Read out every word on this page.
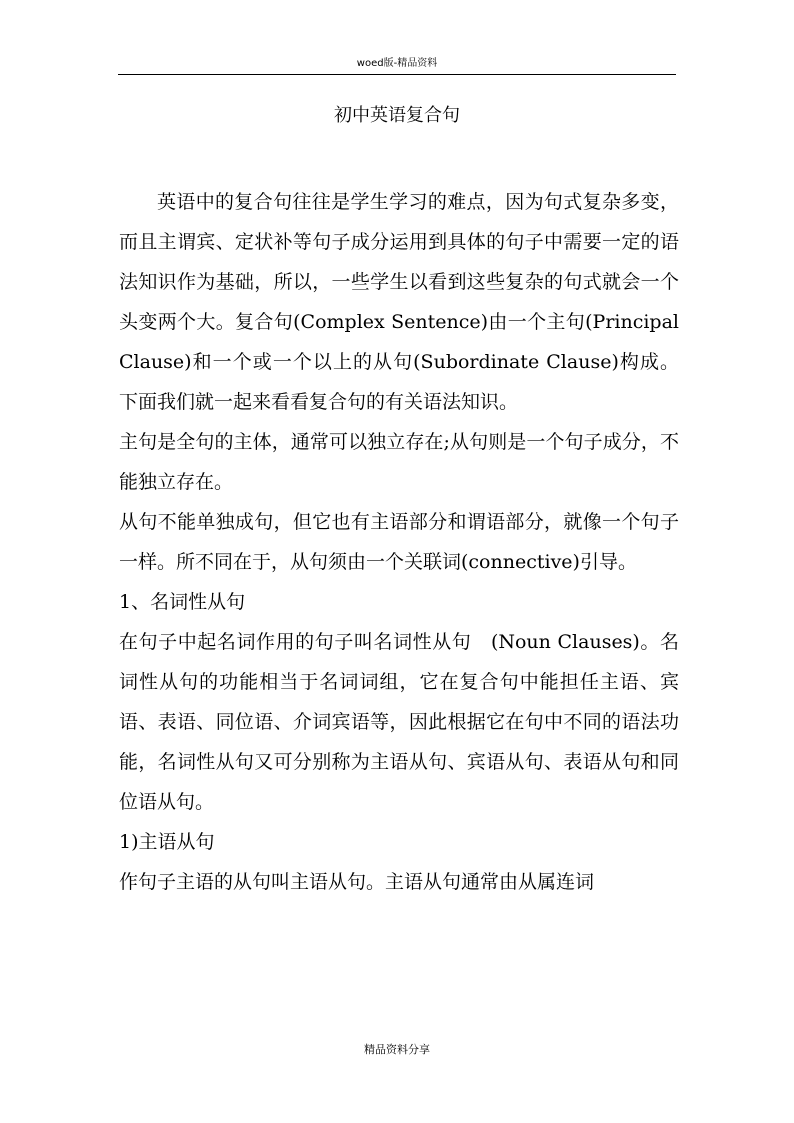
woed版-精品资料
初中英语复合句

英语中的复合句往往是学生学习的难点，因为句式复杂多变，而且主谓宾、定状补等句子成分运用到具体的句子中需要一定的语法知识作为基础，所以，一些学生以看到这些复杂的句式就会一个头变两个大。复合句(Complex Sentence)由一个主句(Principal Clause)和一个或一个以上的从句(Subordinate Clause)构成。下面我们就一起来看看复合句的有关语法知识。

主句是全句的主体，通常可以独立存在;从句则是一个句子成分，不能独立存在。

从句不能单独成句，但它也有主语部分和谓语部分，就像一个句子一样。所不同在于，从句须由一个关联词(connective)引导。

1、名词性从句

在句子中起名词作用的句子叫名词性从句　(Noun Clauses)。名词性从句的功能相当于名词词组，它在复合句中能担任主语、宾语、表语、同位语、介词宾语等，因此根据它在句中不同的语法功能，名词性从句又可分别称为主语从句、宾语从句、表语从句和同位语从句。

1)主语从句

作句子主语的从句叫主语从句。主语从句通常由从属连词

精品资料分享
